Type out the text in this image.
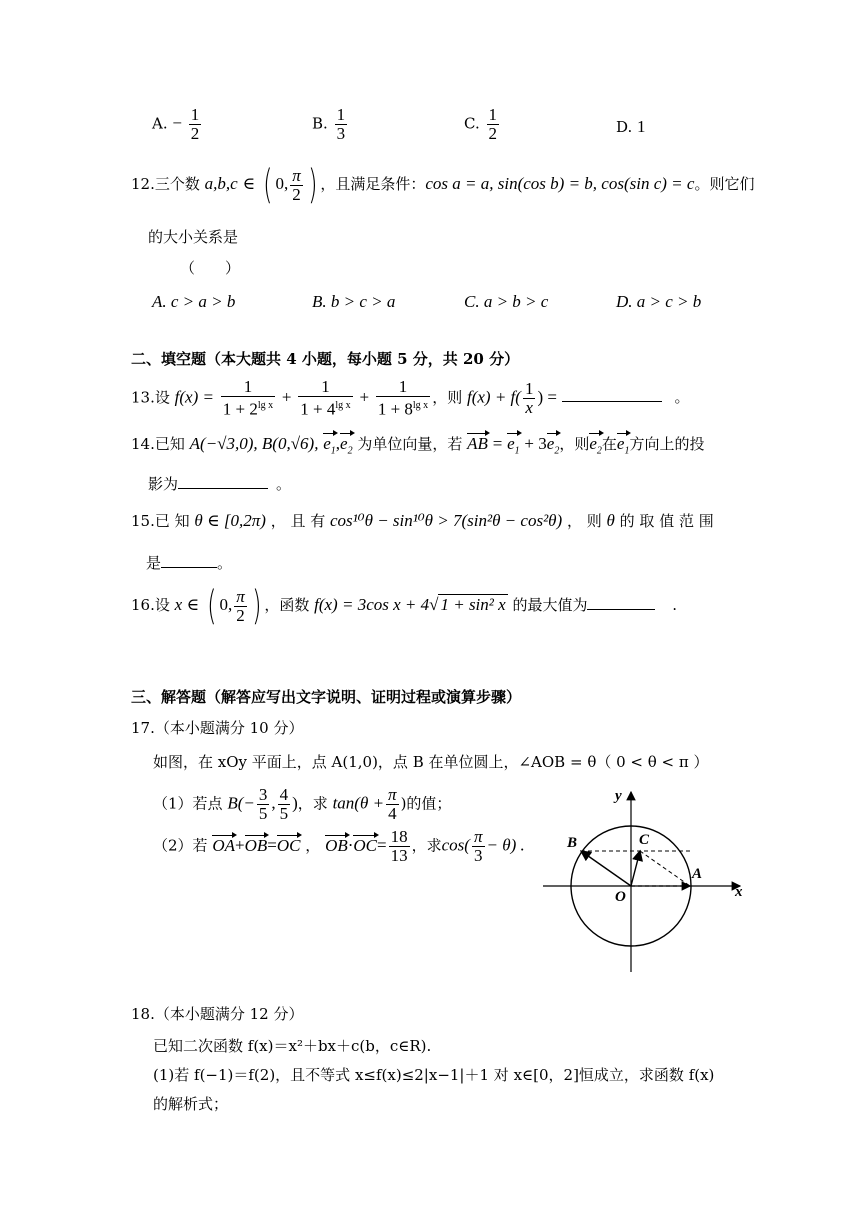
A. − $\frac{1}{2}$	B. $\frac{1}{3}$	C. $\frac{1}{2}$	D. 1
12.三个数 a,b,c ∈ ( 0, $\frac{\pi}{2}$ ) ，且满足条件：cos a = a, sin(cos b) = b, cos(sin c) = c。则它们
的大小关系是
（　　）
A. c > a > b	B. b > c > a	C. a > b > c	D. a > c > b
二、填空题（本大题共 4 小题，每小题 5 分，共 20 分）
13.设 $f(x) = \frac{1}{1 + 2^{lg x}} + \frac{1}{1 + 4^{lg x}} + \frac{1}{1 + 8^{lg x}}$ ，则 $f(x) + f( \frac{1}{x}$ ) =	。
14.已知 A(−√3,0), B(0,√6), $e_1,e_2$ 为单位向量，若 AB = $e_1 + 3e_2$，则$e_2$在$e_1$方向上的投
影为	。
15.已 知 θ ∈ [0,2π) ， 且 有 cos¹⁰θ − sin¹⁰θ > 7(sin²θ − cos²θ) ， 则 θ 的 取 值 范 围
是	。
16.设 x ∈ ( 0, $\frac{\pi}{2}$ ) ，函数 f(x) = 3cos x + 4√ 1 + sin² x 的最大值为	.
三、解答题（解答应写出文字说明、证明过程或演算步骤）
17.（本小题满分 10 分）
如图，在 xOy 平面上，点 A(1,0)，点 B 在单位圆上，∠AOB = θ（ 0 < θ < π ）
（1）若点 $B(- \frac{3}{5}$ , $\frac{4}{5}$ )，求 $\tan(\theta + \frac{\pi}{4}$ )的值；
（2）若 OA+OB=OC ， $OB\cdot OC= \frac{18}{13}$ ，求$\cos( \frac{\pi}{3} - \theta)$ .
y
x
O
A
B	C
18.（本小题满分 12 分）
已知二次函数 f(x)＝x²＋bx＋c(b，c∈R).
(1)若 f(−1)＝f(2)，且不等式 x≤f(x)≤2|x−1|＋1 对 x∈[0，2]恒成立，求函数 f(x)
的解析式；
